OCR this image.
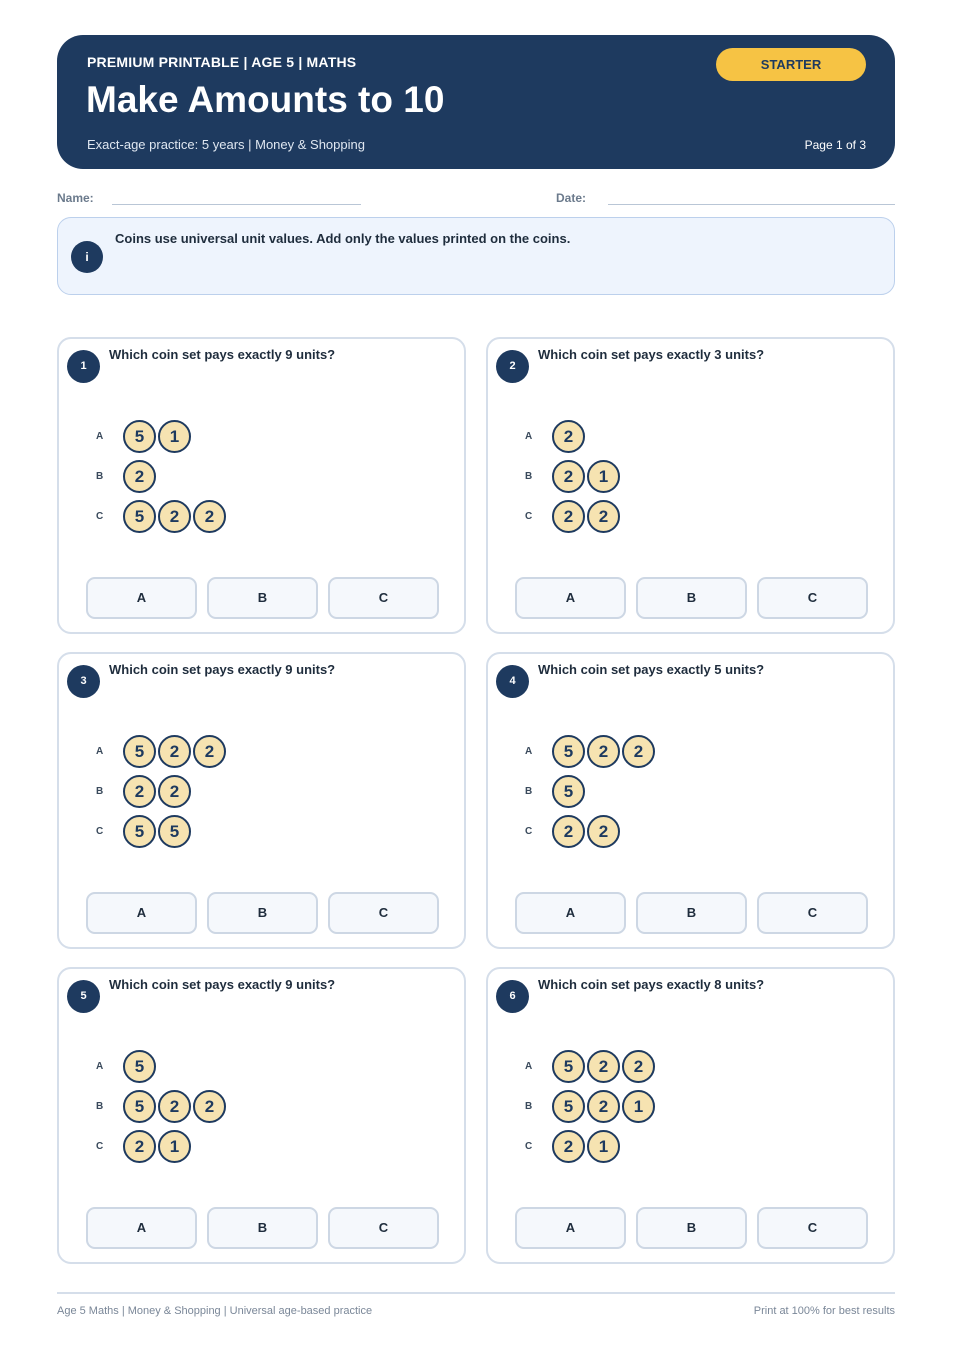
PREMIUM PRINTABLE | AGE 5 | MATHS
Make Amounts to 10
Exact-age practice: 5 years | Money & Shopping	Page 1 of 3
STARTER
Name:	Date:
i
Coins use universal unit values. Add only the values printed on the coins.
1
Which coin set pays exactly 9 units?
A	5	1
B	2
C	5	2	2
A	B	C
2
Which coin set pays exactly 3 units?
A	2
B	2	1
C	2	2
A	B	C
3
Which coin set pays exactly 9 units?
A	5	2	2
B	2	2
C	5	5
A	B	C
4
Which coin set pays exactly 5 units?
A	5	2	2
B	5
C	2	2
A	B	C
5
Which coin set pays exactly 9 units?
A	5
B	5	2	2
C	2	1
A	B	C
6
Which coin set pays exactly 8 units?
A	5	2	2
B	5	2	1
C	2	1
A	B	C
Age 5 Maths | Money & Shopping | Universal age-based practice	Print at 100% for best results
